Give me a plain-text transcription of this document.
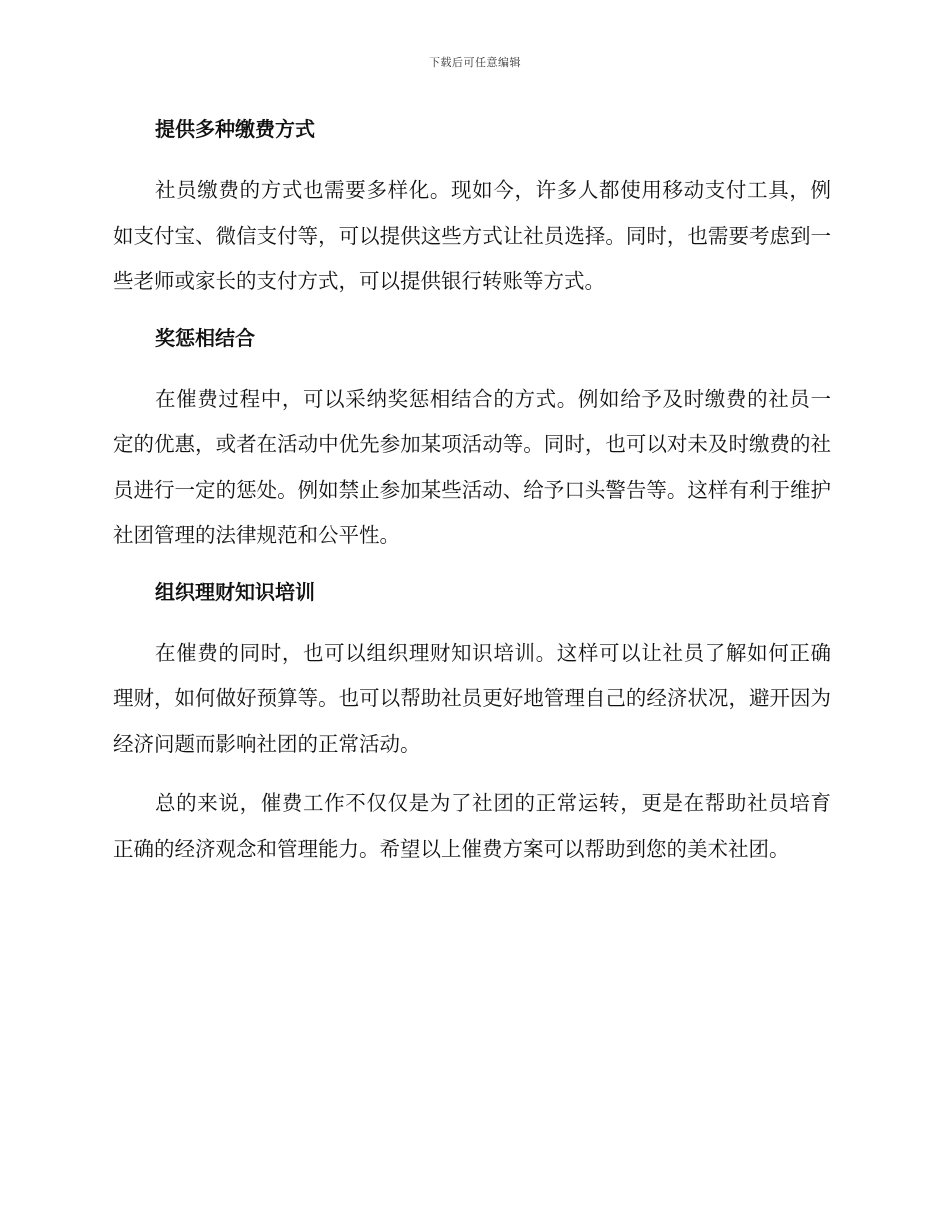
下载后可任意编辑
提供多种缴费方式

社员缴费的方式也需要多样化。现如今，许多人都使用移动支付工具，例如支付宝、微信支付等，可以提供这些方式让社员选择。同时，也需要考虑到一些老师或家长的支付方式，可以提供银行转账等方式。

奖惩相结合

在催费过程中，可以采纳奖惩相结合的方式。例如给予及时缴费的社员一定的优惠，或者在活动中优先参加某项活动等。同时，也可以对未及时缴费的社员进行一定的惩处。例如禁止参加某些活动、给予口头警告等。这样有利于维护社团管理的法律规范和公平性。

组织理财知识培训

在催费的同时，也可以组织理财知识培训。这样可以让社员了解如何正确理财，如何做好预算等。也可以帮助社员更好地管理自己的经济状况，避开因为经济问题而影响社团的正常活动。

总的来说，催费工作不仅仅是为了社团的正常运转，更是在帮助社员培育正确的经济观念和管理能力。希望以上催费方案可以帮助到您的美术社团。
